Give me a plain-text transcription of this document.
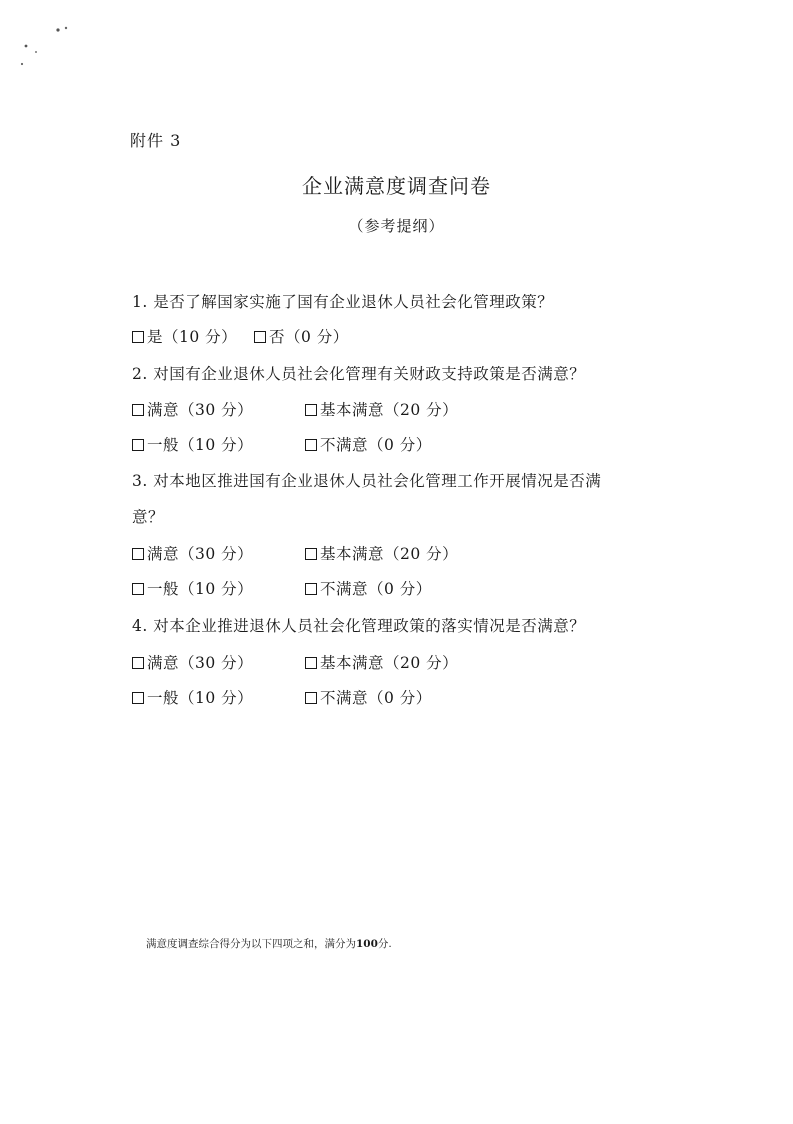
附件 3
企业满意度调查问卷
（参考提纲）
1. 是否了解国家实施了国有企业退休人员社会化管理政策？
是（10 分）	否（0 分）
2. 对国有企业退休人员社会化管理有关财政支持政策是否满意？
满意（30 分）	基本满意（20 分）
一般（10 分）	不满意（0 分）
3. 对本地区推进国有企业退休人员社会化管理工作开展情况是否满
意？
满意（30 分）	基本满意（20 分）
一般（10 分）	不满意（0 分）
4. 对本企业推进退休人员社会化管理政策的落实情况是否满意？
满意（30 分）	基本满意（20 分）
一般（10 分）	不满意（0 分）
满意度调查综合得分为以下四项之和，满分为100分.
